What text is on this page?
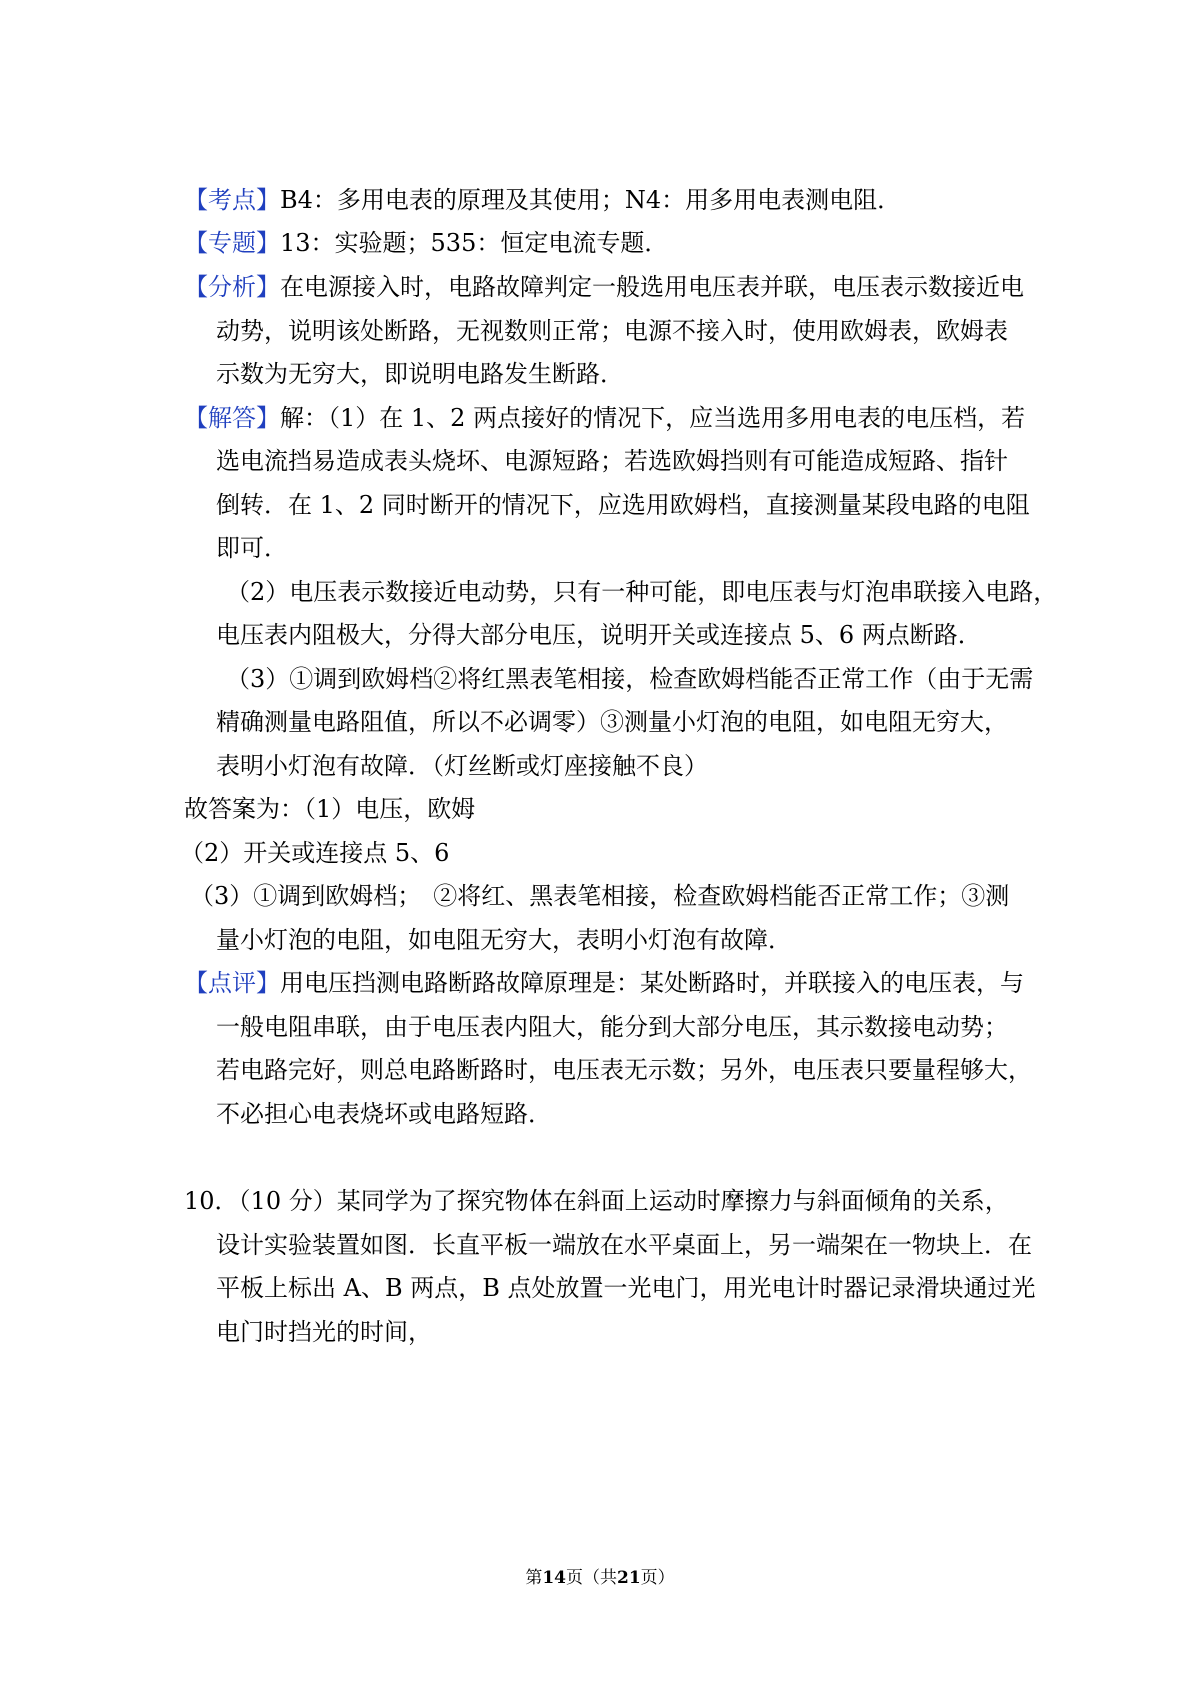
【考点】B4：多用电表的原理及其使用；N4：用多用电表测电阻．
【专题】13：实验题；535：恒定电流专题．
【分析】在电源接入时，电路故障判定一般选用电压表并联，电压表示数接近电
动势，说明该处断路，无视数则正常；电源不接入时，使用欧姆表，欧姆表
示数为无穷大，即说明电路发生断路．
【解答】解：（1）在 1、2 两点接好的情况下，应当选用多用电表的电压档，若
选电流挡易造成表头烧坏、电源短路；若选欧姆挡则有可能造成短路、指针
倒转．在 1、2 同时断开的情况下，应选用欧姆档，直接测量某段电路的电阻
即可．
（2）电压表示数接近电动势，只有一种可能，即电压表与灯泡串联接入电路，
电压表内阻极大，分得大部分电压，说明开关或连接点 5、6 两点断路．
（3）①调到欧姆档②将红黑表笔相接，检查欧姆档能否正常工作（由于无需
精确测量电路阻值，所以不必调零）③测量小灯泡的电阻，如电阻无穷大，
表明小灯泡有故障．（灯丝断或灯座接触不良）
故答案为：（1）电压，欧姆
（2）开关或连接点 5、6
（3）①调到欧姆档；　②将红、黑表笔相接，检查欧姆档能否正常工作；③测
量小灯泡的电阻，如电阻无穷大，表明小灯泡有故障．
【点评】用电压挡测电路断路故障原理是：某处断路时，并联接入的电压表，与
一般电阻串联，由于电压表内阻大，能分到大部分电压，其示数接电动势；
若电路完好，则总电路断路时，电压表无示数；另外，电压表只要量程够大，
不必担心电表烧坏或电路短路．
10．（10 分）某同学为了探究物体在斜面上运动时摩擦力与斜面倾角的关系，
设计实验装置如图．长直平板一端放在水平桌面上，另一端架在一物块上．在
平板上标出 A、B 两点，B 点处放置一光电门，用光电计时器记录滑块通过光
电门时挡光的时间，
第14页（共21页）
